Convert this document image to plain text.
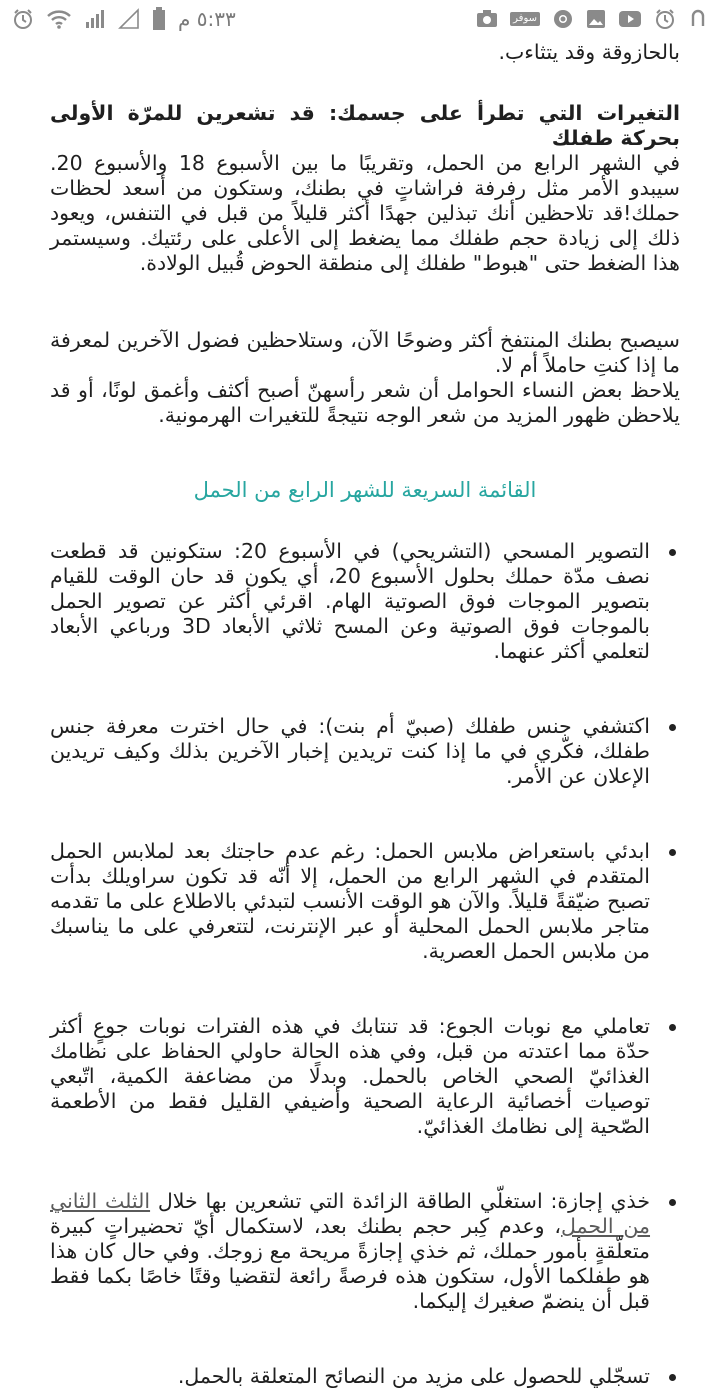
٥:٣٣ م	سوفر

بالحازوقة وقد يتثاءب.

التغيرات التي تطرأ على جسمك: قد تشعرين للمرّة الأولى بحركة طفلك

في الشهر الرابع من الحمل، وتقريبًا ما بين الأسبوع 18 والأسبوع 20. سيبدو الأمر مثل رفرفة فراشاتٍ في بطنك، وستكون من أسعد لحظات حملك!قد تلاحظين أنك تبذلين جهدًا أكثر قليلاً من قبل في التنفس، ويعود ذلك إلى زيادة حجم طفلك مما يضغط إلى الأعلى على رئتيك. وسيستمر هذا الضغط حتى "هبوط" طفلك إلى منطقة الحوض قُبيل الولادة.

سيصبح بطنك المنتفخ أكثر وضوحًا الآن، وستلاحظين فضول الآخرين لمعرفة ما إذا كنتِ حاملاً أم لا.

يلاحظ بعض النساء الحوامل أن شعر رأسهنّ أصبح أكثف وأغمق لونًا، أو قد يلاحظن ظهور المزيد من شعر الوجه نتيجةً للتغيرات الهرمونية.

القائمة السريعة للشهر الرابع من الحمل

التصوير المسحي (التشريحي) في الأسبوع 20: ستكونين قد قطعت نصف مدّة حملك بحلول الأسبوع 20، أي يكون قد حان الوقت للقيام بتصوير الموجات فوق الصوتية الهام. اقرئي أكثر عن تصوير الحمل بالموجات فوق الصوتية وعن المسح ثلاثي الأبعاد 3D ورباعي الأبعاد لتعلمي أكثر عنهما.
اكتشفي جنس طفلك (صبيّ أم بنت): في حال اخترت معرفة جنس طفلك، فكّري في ما إذا كنت تريدين إخبار الآخرين بذلك وكيف تريدين الإعلان عن الأمر.
ابدئي باستعراض ملابس الحمل: رغم عدم حاجتك بعد لملابس الحمل المتقدم في الشهر الرابع من الحمل، إلا أنّه قد تكون سراويلك بدأت تصبح ضيّقةً قليلاً. والآن هو الوقت الأنسب لتبدئي بالاطلاع على ما تقدمه متاجر ملابس الحمل المحلية أو عبر الإنترنت، لتتعرفي على ما يناسبك من ملابس الحمل العصرية.
تعاملي مع نوبات الجوع: قد تنتابك في هذه الفترات نوبات جوعٍ أكثر حدّة مما اعتدته من قبل، وفي هذه الحالة حاولي الحفاظ على نظامك الغذائيّ الصحي الخاص بالحمل. وبدلًا من مضاعفة الكمية، اتّبعي توصيات أخصائية الرعاية الصحية وأضيفي القليل فقط من الأطعمة الصّحية إلى نظامك الغذائيّ.
خذي إجازة: استغلّي الطاقة الزائدة التي تشعرين بها خلال الثلث الثاني من الحمل، وعدم كِبر حجم بطنك بعد، لاستكمال أيّ تحضيراتٍ كبيرة متعلّقةٍ بأمور حملك، ثم خذي إجازةً مريحة مع زوجك. وفي حال كان هذا هو طفلكما الأول، ستكون هذه فرصةً رائعة لتقضيا وقتًا خاصًا بكما فقط قبل أن ينضمّ صغيرك إليكما.
تسجّلي للحصول على مزيد من النصائح المتعلقة بالحمل.
